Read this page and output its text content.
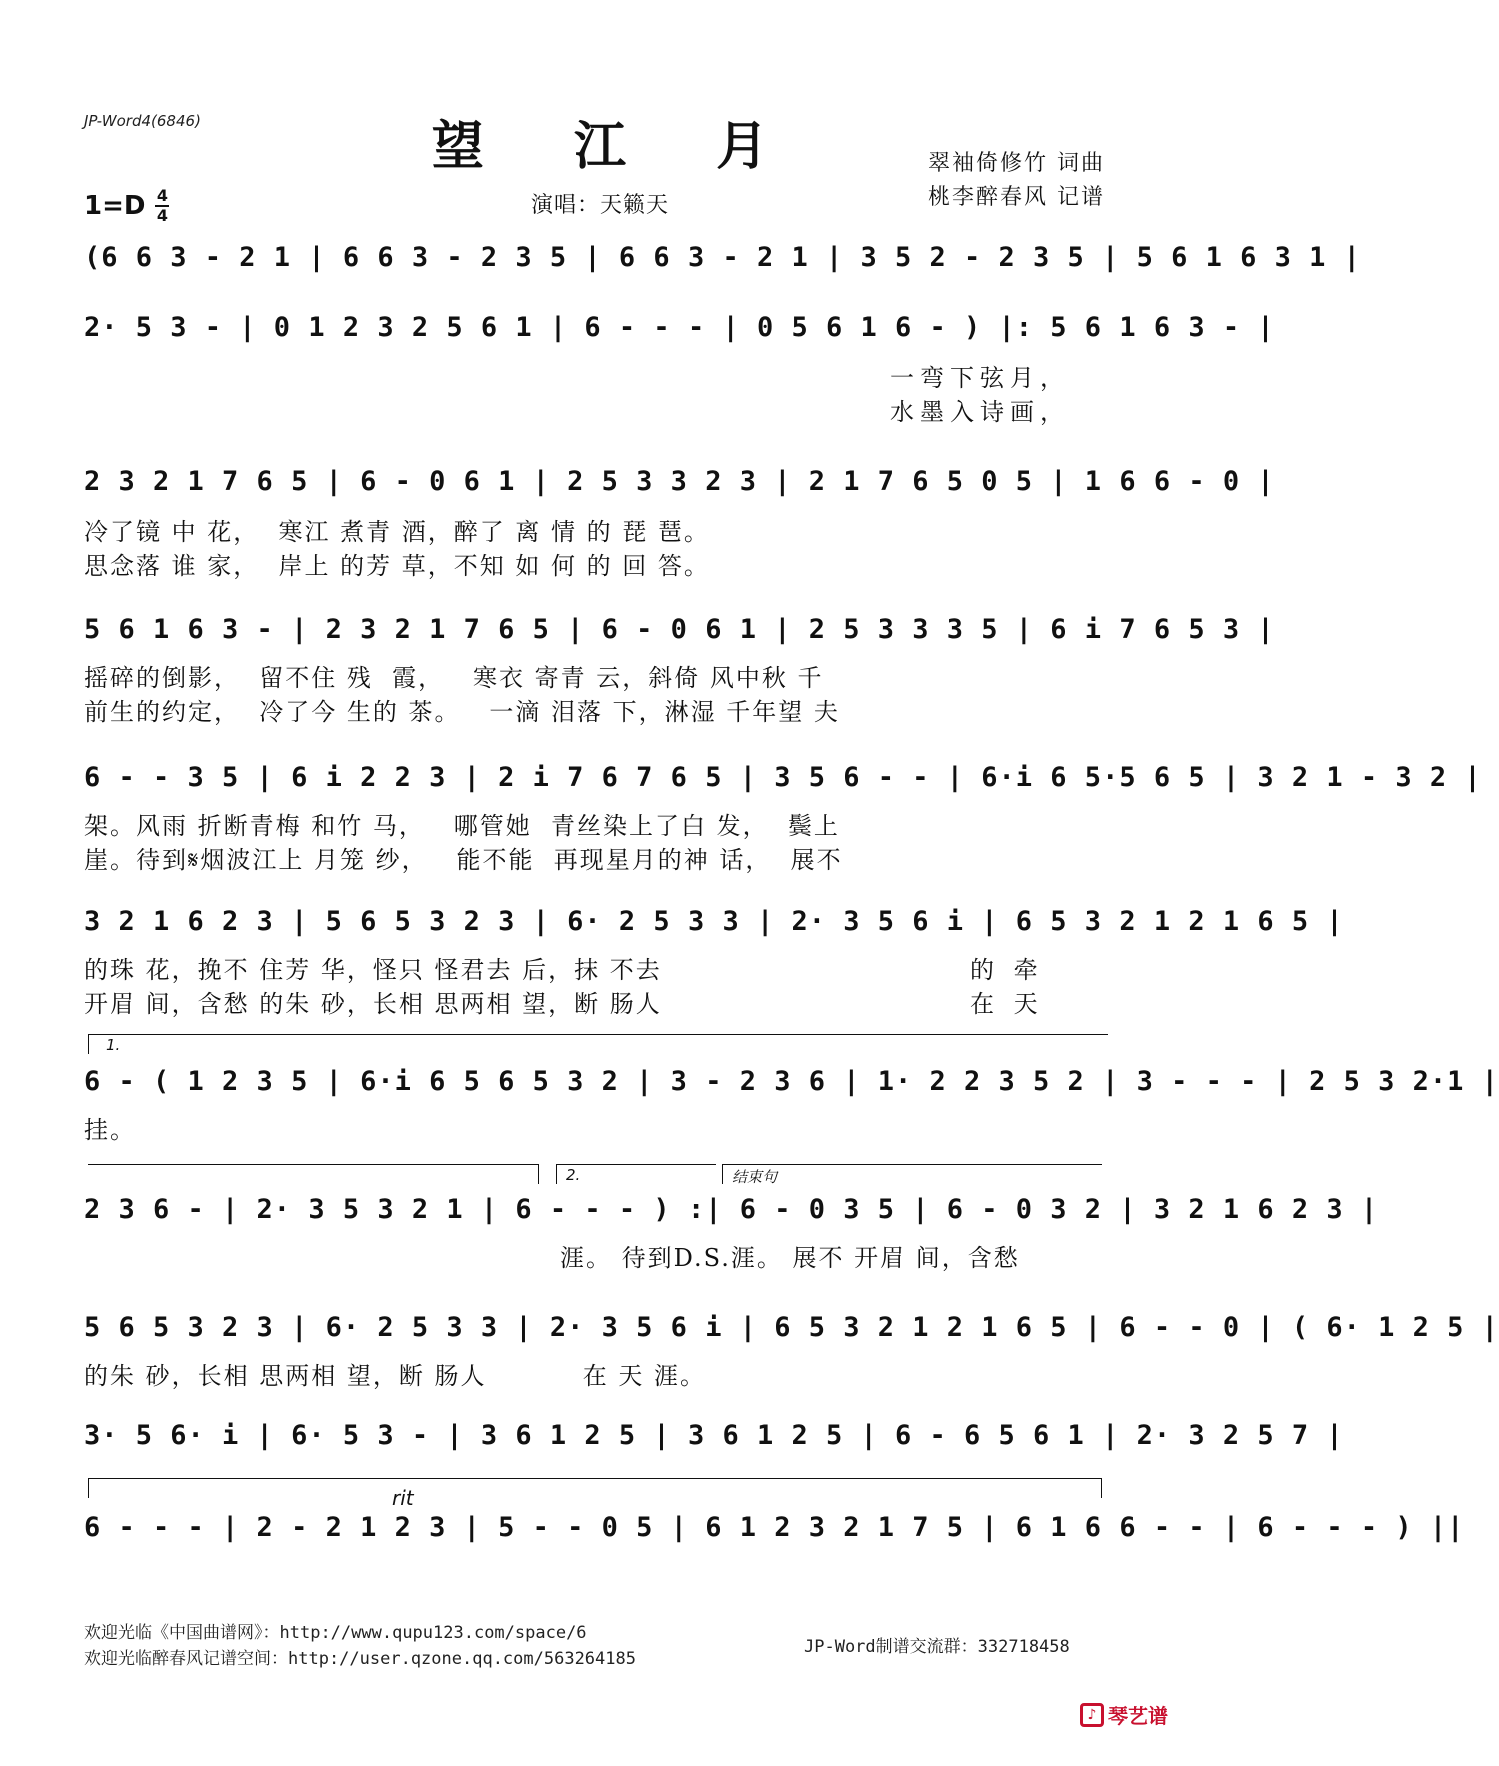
JP-Word4(6846)	望 江 月	翠袖倚修竹 词曲
桃李醉春风 记谱
1=D 4
4	演唱：天籁天
(6 6 3 - 2 1 | 6 6 3 - 2 3 5 | 6 6 3 - 2 1 | 3 5 2 - 2 3 5 | 5 6 1 6 3 1 |
2· 5 3 - | 0 1 2 3 2 5 6 1 | 6 - - - | 0 5 6 1 6 - ) |: 5 6 1 6 3 - |
一弯下弦月，
水墨入诗画，
2 3 2 1 7 6 5 | 6 - 0 6 1 | 2 5 3 3 2 3 | 2 1 7 6 5 0 5 | 1 6 6 - 0 |
冷了镜 中 花，  寒江 煮青 酒，醉了 离 情 的 琵 琶。
思念落 谁 家，  岸上 的芳 草，不知 如 何 的 回 答。
5 6 1 6 3 - | 2 3 2 1 7 6 5 | 6 - 0 6 1 | 2 5 3 3 3 5 | 6 i 7 6 5 3 |
摇碎的倒影，  留不住 残  霞，   寒衣 寄青 云，斜倚 风中秋 千
前生的约定，  冷了今 生的 茶。   一滴 泪落 下，淋湿 千年望 夫
6 - - 3 5 | 6 i 2 2 3 | 2 i 7 6 7 6 5 | 3 5 6 - - | 6·i 6 5·5 6 5 | 3 2 1 - 3 2 |
架。风雨 折断青梅 和竹 马，   哪管她  青丝染上了白 发，  鬓上
崖。待到𝄋烟波江上 月笼 纱，   能不能  再现星月的神 话，  展不
3 2 1 6 2 3 | 5 6 5 3 2 3 | 6· 2 5 3 3 | 2· 3 5 6 i | 6 5 3 2 1 2 1 6 5 |
的珠 花，挽不 住芳 华，怪只 怪君去 后，抹 不去
开眉 间，含愁 的朱 砂，长相 思两相 望，断 肠人
的 牵
在 天
1.
6 - ( 1 2 3 5 | 6·i 6 5 6 5 3 2 | 3 - 2 3 6 | 1· 2 2 3 5 2 | 3 - - - | 2 5 3 2·1 |
挂。
2.	结束句
2 3 6 - | 2· 3 5 3 2 1 | 6 - - - ) :| 6 - 0 3 5 | 6 - 0 3 2 | 3 2 1 6 2 3 |
涯。 待到D.S.涯。 展不 开眉 间，含愁
5 6 5 3 2 3 | 6· 2 5 3 3 | 2· 3 5 6 i | 6 5 3 2 1 2 1 6 5 | 6 - - 0 | ( 6· 1 2 5 |
的朱 砂，长相 思两相 望，断 肠人          在 天 涯。
3· 5 6· i | 6· 5 3 - | 3 6 1 2 5 | 3 6 1 2 5 | 6 - 6 5 6 1 | 2· 3 2 5 7 |
rit
6 - - - | 2 - 2 1 2 3 | 5 - - 0 5 | 6 1 2 3 2 1 7 5 | 6 1 6 6 - - | 6 - - - ) ||
欢迎光临《中国曲谱网》：http://www.qupu123.com/space/6
欢迎光临醉春风记谱空间：http://user.qzone.qq.com/563264185
JP-Word制谱交流群：332718458
♪ 琴艺谱
